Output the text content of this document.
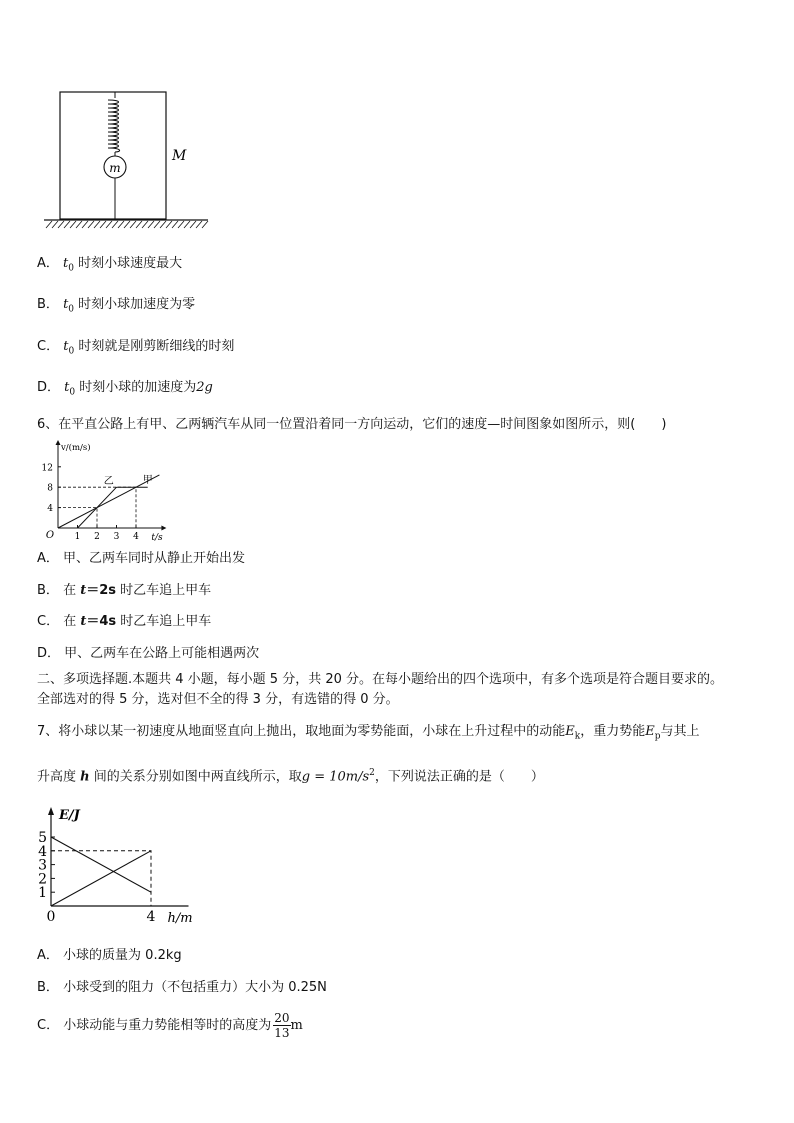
m
M
A． $t_0$ 时刻小球速度最大
B． $t_0$ 时刻小球加速度为零
C． $t_0$ 时刻就是刚剪断细线的时刻
D． $t_0$ 时刻小球的加速度为2g
6、在平直公路上有甲、乙两辆汽车从同一位置沿着同一方向运动，它们的速度—时间图象如图所示，则(　　)
4
8
12
1 2 3 4
O
v/(m/s)
t/s
乙	甲
A． 甲、乙两车同时从静止开始出发
B． 在 t＝2s 时乙车追上甲车
C． 在 t＝4s 时乙车追上甲车
D． 甲、乙两车在公路上可能相遇两次
二、多项选择题.本题共 4 小题，每小题 5 分，共 20 分。在每小题给出的四个选项中，有多个选项是符合题目要求的。
全部选对的得 5 分，选对但不全的得 3 分，有选错的得 0 分。
7、将小球以某一初速度从地面竖直向上抛出，取地面为零势能面，小球在上升过程中的动能$E_k$，重力势能$E_p$与其上
升高度 h 间的关系分别如图中两直线所示，取$g = 10m/s^2$，下列说法正确的是（　　）
1
2
3
4
5
4
0
E/J
h/m
A． 小球的质量为 0.2kg
B． 小球受到的阻力（不包括重力）大小为 0.25N
C． 小球动能与重力势能相等时的高度为 $\frac{20}{13}$ m
